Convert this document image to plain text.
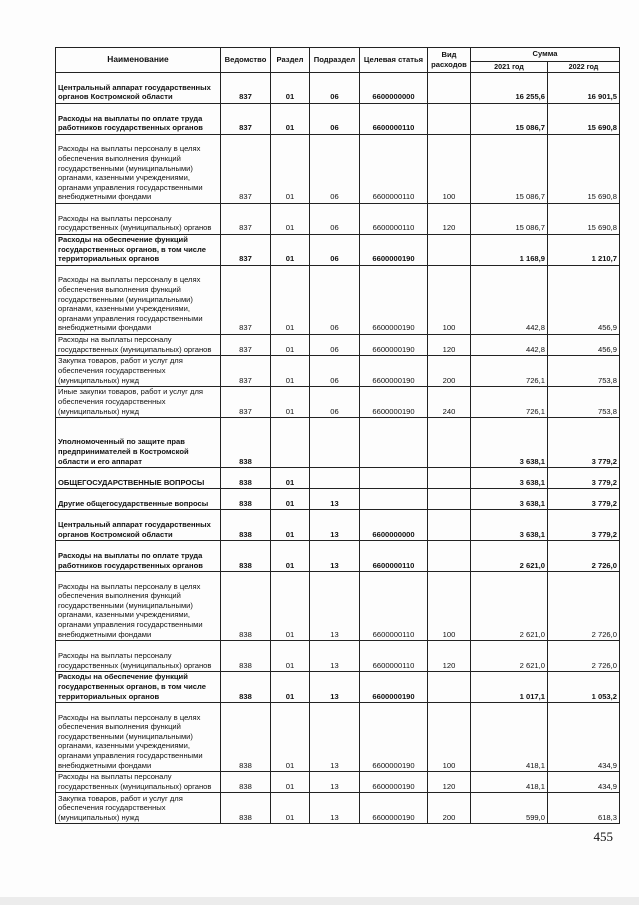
Наименование	Ведомство	Раздел	Подраздел	Целевая статья	Вид расходов	Сумма	
						2021 год	2022 год
Центральный аппарат государственных органов Костромской области	837	01	06	6600000000		16 255,6	16 901,5
Расходы на выплаты по оплате труда работников государственных органов	837	01	06	6600000110		15 086,7	15 690,8
Расходы на выплаты персоналу в целях обеспечения выполнения функций государственными (муниципальными) органами, казенными учреждениями, органами управления государственными внебюджетными фондами	837	01	06	6600000110	100	15 086,7	15 690,8
Расходы на выплаты персоналу государственных (муниципальных) органов	837	01	06	6600000110	120	15 086,7	15 690,8
Расходы на обеспечение функций государственных органов, в том числе территориальных органов	837	01	06	6600000190		1 168,9	1 210,7
Расходы на выплаты персоналу в целях обеспечения выполнения функций государственными (муниципальными) органами, казенными учреждениями, органами управления государственными внебюджетными фондами	837	01	06	6600000190	100	442,8	456,9
Расходы на выплаты персоналу государственных (муниципальных) органов	837	01	06	6600000190	120	442,8	456,9
Закупка товаров, работ и услуг для обеспечения государственных (муниципальных) нужд	837	01	06	6600000190	200	726,1	753,8
Иные закупки товаров, работ и услуг для обеспечения государственных (муниципальных) нужд	837	01	06	6600000190	240	726,1	753,8
Уполномоченный по защите прав предпринимателей в Костромской области и его аппарат	838					3 638,1	3 779,2
ОБЩЕГОСУДАРСТВЕННЫЕ ВОПРОСЫ	838	01				3 638,1	3 779,2
Другие общегосударственные вопросы	838	01	13			3 638,1	3 779,2
Центральный аппарат государственных органов Костромской области	838	01	13	6600000000		3 638,1	3 779,2
Расходы на выплаты по оплате труда работников государственных органов	838	01	13	6600000110		2 621,0	2 726,0
Расходы на выплаты персоналу в целях обеспечения выполнения функций государственными (муниципальными) органами, казенными учреждениями, органами управления государственными внебюджетными фондами	838	01	13	6600000110	100	2 621,0	2 726,0
Расходы на выплаты персоналу государственных (муниципальных) органов	838	01	13	6600000110	120	2 621,0	2 726,0
Расходы на обеспечение функций государственных органов, в том числе территориальных органов	838	01	13	6600000190		1 017,1	1 053,2
Расходы на выплаты персоналу в целях обеспечения выполнения функций государственными (муниципальными) органами, казенными учреждениями, органами управления государственными внебюджетными фондами	838	01	13	6600000190	100	418,1	434,9
Расходы на выплаты персоналу государственных (муниципальных) органов	838	01	13	6600000190	120	418,1	434,9
Закупка товаров, работ и услуг для обеспечения государственных (муниципальных) нужд	838	01	13	6600000190	200	599,0	618,3
455
